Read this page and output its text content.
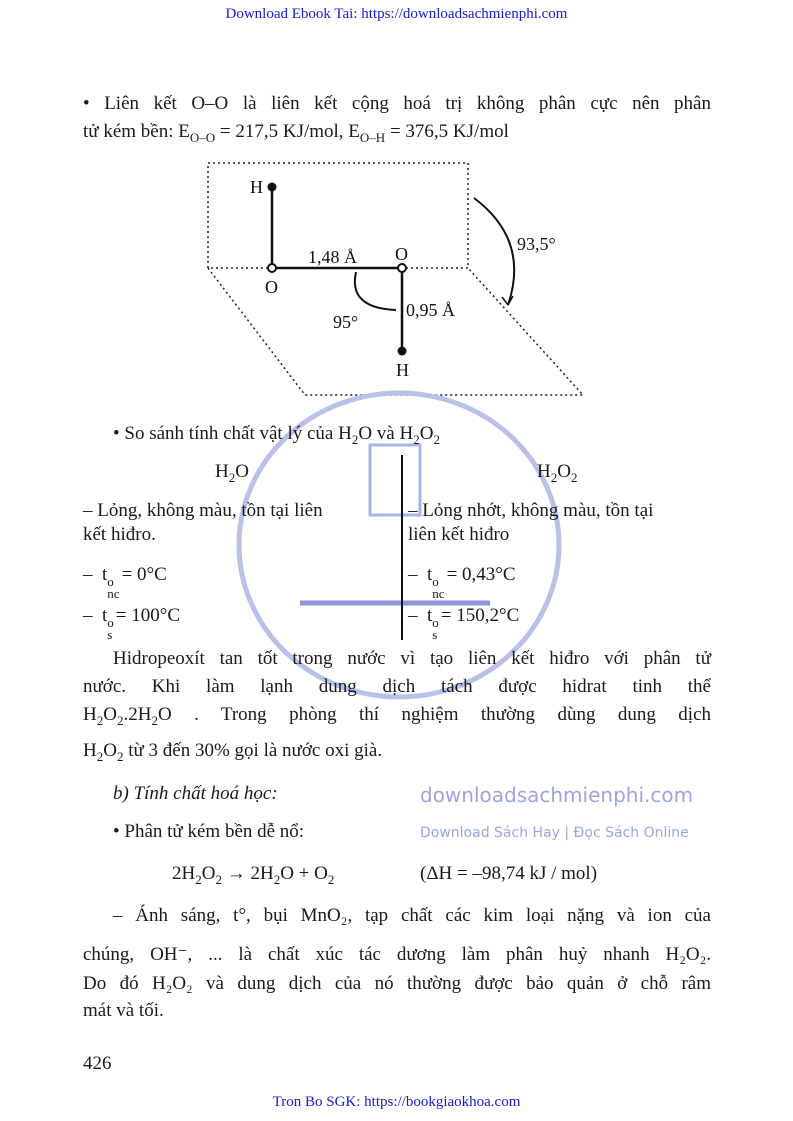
Download Ebook Tai: https://downloadsachmienphi.com
• Liên kết O–O là liên kết cộng hoá trị không phân cực nên phân
tử kém bền: $E_{O-O} = 217,5$ KJ/mol, $E_{O-H} = 376,5$ KJ/mol
H
O
O
H
1,48 Å
0,95 Å
95°
93,5°
downloadsachmienphi.com
Download Sách Hay | Đọc Sách Online
• So sánh tính chất vật lý của $H_2O$ và $H_2O_2$
$H_2O$	$H_2O_2$
– Lỏng, không màu, tồn tại liên
kết hiđro.
– Lỏng nhớt, không màu, tồn tại
liên kết hiđro
– t o
nc
= 0°C
– t o
s
= 100°C
– t o
nc
= 0,43°C
– t o
s
= 150,2°C
Hidropeoxít tan tốt trong nước vì tạo liên kết hiđro với phân tử
nước. Khi làm lạnh dung dịch tách được hidrat tinh thể
$H_2O_2.2H_2O$ . Trong phòng thí nghiệm thường dùng dung dịch
$H_2O_2$ từ 3 đến 30% gọi là nước oxi già.
b) Tính chất hoá học:
• Phân tử kém bền dễ nổ:
$2H_2O_2 \to 2H_2O + O_2$	(ΔH = –98,74 kJ / mol)
– Ánh sáng, t°, bụi MnO₂, tạp chất các kim loại nặng và ion của
chúng, OH⁻, ... là chất xúc tác dương làm phân huỷ nhanh H₂O₂.
Do đó H₂O₂ và dung dịch của nó thường được bảo quản ở chỗ râm
mát và tối.
426
Tron Bo SGK: https://bookgiaokhoa.com
